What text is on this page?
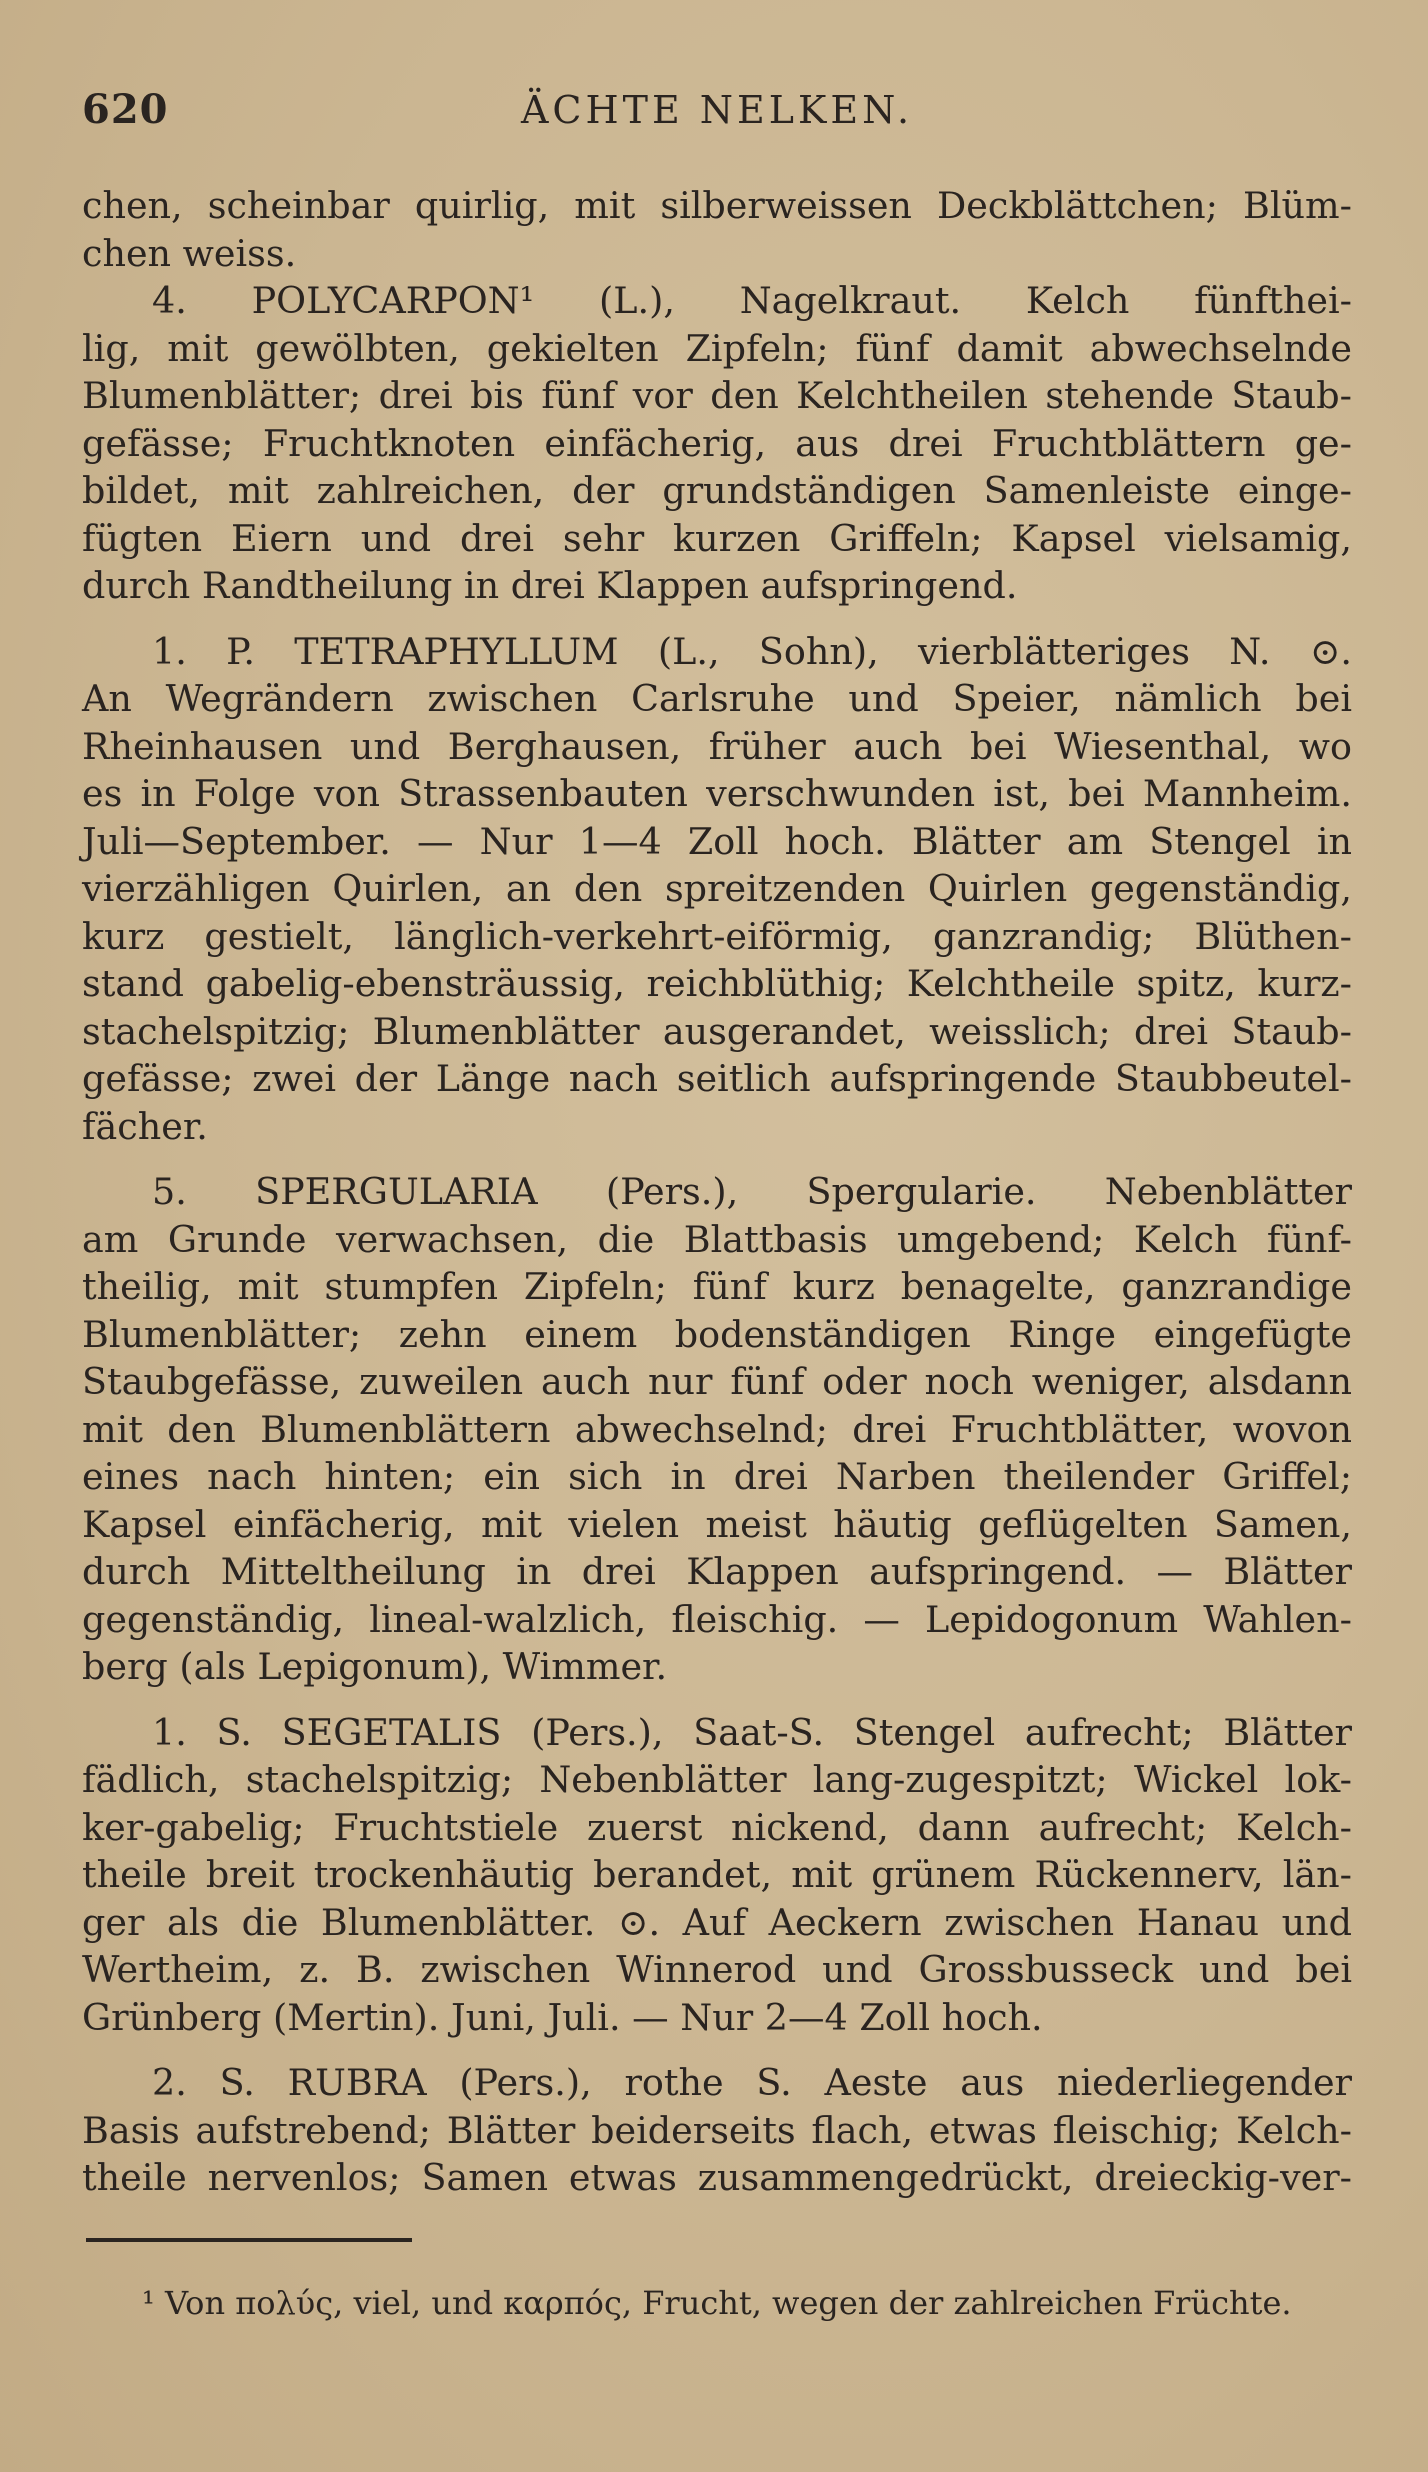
620	ÄCHTE NELKEN.
chen, scheinbar quirlig, mit silberweissen Deckblättchen; Blüm-
chen weiss.
4. POLYCARPON¹ (L.), Nagelkraut. Kelch fünfthei-
lig, mit gewölbten, gekielten Zipfeln; fünf damit abwechselnde
Blumenblätter; drei bis fünf vor den Kelchtheilen stehende Staub-
gefässe; Fruchtknoten einfächerig, aus drei Fruchtblättern ge-
bildet, mit zahlreichen, der grundständigen Samenleiste einge-
fügten Eiern und drei sehr kurzen Griffeln; Kapsel vielsamig,
durch Randtheilung in drei Klappen aufspringend.
1. P. TETRAPHYLLUM (L., Sohn), vierblätteriges N. ⊙.
An Wegrändern zwischen Carlsruhe und Speier, nämlich bei
Rheinhausen und Berghausen, früher auch bei Wiesenthal, wo
es in Folge von Strassenbauten verschwunden ist, bei Mannheim.
Juli—September. — Nur 1—4 Zoll hoch. Blätter am Stengel in
vierzähligen Quirlen, an den spreitzenden Quirlen gegenständig,
kurz gestielt, länglich-verkehrt-eiförmig, ganzrandig; Blüthen-
stand gabelig-ebensträussig, reichblüthig; Kelchtheile spitz, kurz-
stachelspitzig; Blumenblätter ausgerandet, weisslich; drei Staub-
gefässe; zwei der Länge nach seitlich aufspringende Staubbeutel-
fächer.
5. SPERGULARIA (Pers.), Spergularie. Nebenblätter
am Grunde verwachsen, die Blattbasis umgebend; Kelch fünf-
theilig, mit stumpfen Zipfeln; fünf kurz benagelte, ganzrandige
Blumenblätter; zehn einem bodenständigen Ringe eingefügte
Staubgefässe, zuweilen auch nur fünf oder noch weniger, alsdann
mit den Blumenblättern abwechselnd; drei Fruchtblätter, wovon
eines nach hinten; ein sich in drei Narben theilender Griffel;
Kapsel einfächerig, mit vielen meist häutig geflügelten Samen,
durch Mitteltheilung in drei Klappen aufspringend. — Blätter
gegenständig, lineal-walzlich, fleischig. — Lepidogonum Wahlen-
berg (als Lepigonum), Wimmer.
1. S. SEGETALIS (Pers.), Saat-S. Stengel aufrecht; Blätter
fädlich, stachelspitzig; Nebenblätter lang-zugespitzt; Wickel lok-
ker-gabelig; Fruchtstiele zuerst nickend, dann aufrecht; Kelch-
theile breit trockenhäutig berandet, mit grünem Rückennerv, län-
ger als die Blumenblätter. ⊙. Auf Aeckern zwischen Hanau und
Wertheim, z. B. zwischen Winnerod und Grossbusseck und bei
Grünberg (Mertin). Juni, Juli. — Nur 2—4 Zoll hoch.
2. S. RUBRA (Pers.), rothe S. Aeste aus niederliegender
Basis aufstrebend; Blätter beiderseits flach, etwas fleischig; Kelch-
theile nervenlos; Samen etwas zusammengedrückt, dreieckig-ver-
¹ Von πολύς, viel, und καρπός, Frucht, wegen der zahlreichen Früchte.
